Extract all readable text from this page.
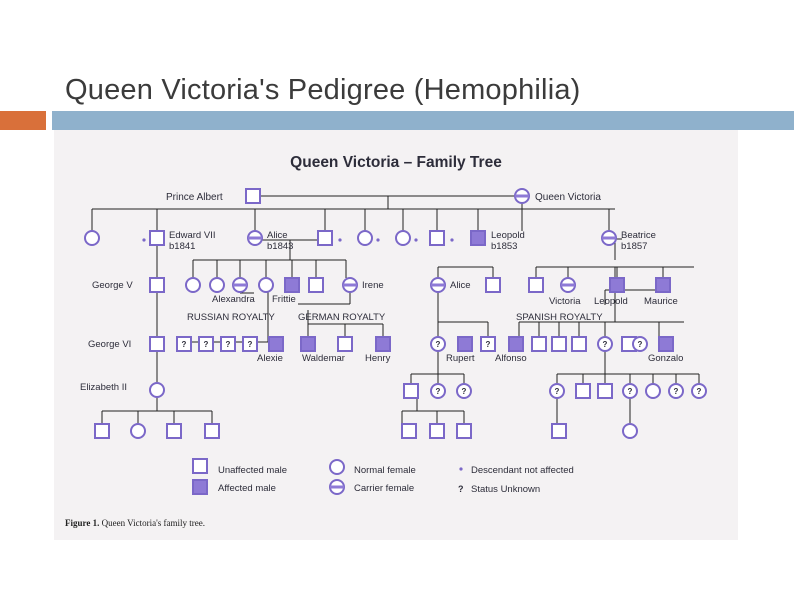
Queen Victoria's Pedigree (Hemophilia)
? ? ? ?	?	?	?	?
?	?	?	?	? ?
Queen Victoria – Family Tree
Prince Albert	Queen Victoria
Edward VII
b1841
Alice
b1843
Leopold
b1853
Beatrice
b1857
George V	Irene
Alexandra Frittie
RUSSIAN ROYALTY GERMAN ROYALTY
Alice
Victoria Leopold Maurice
SPANISH ROYALTY
George VI
Alexie Waldemar Henry	Rupert Alfonso	Gonzalo
Elizabeth II
Unaffected male
Affected male
Normal female
Carrier female
Descendant not affected
? Status Unknown
Figure 1. Queen Victoria's family tree.
